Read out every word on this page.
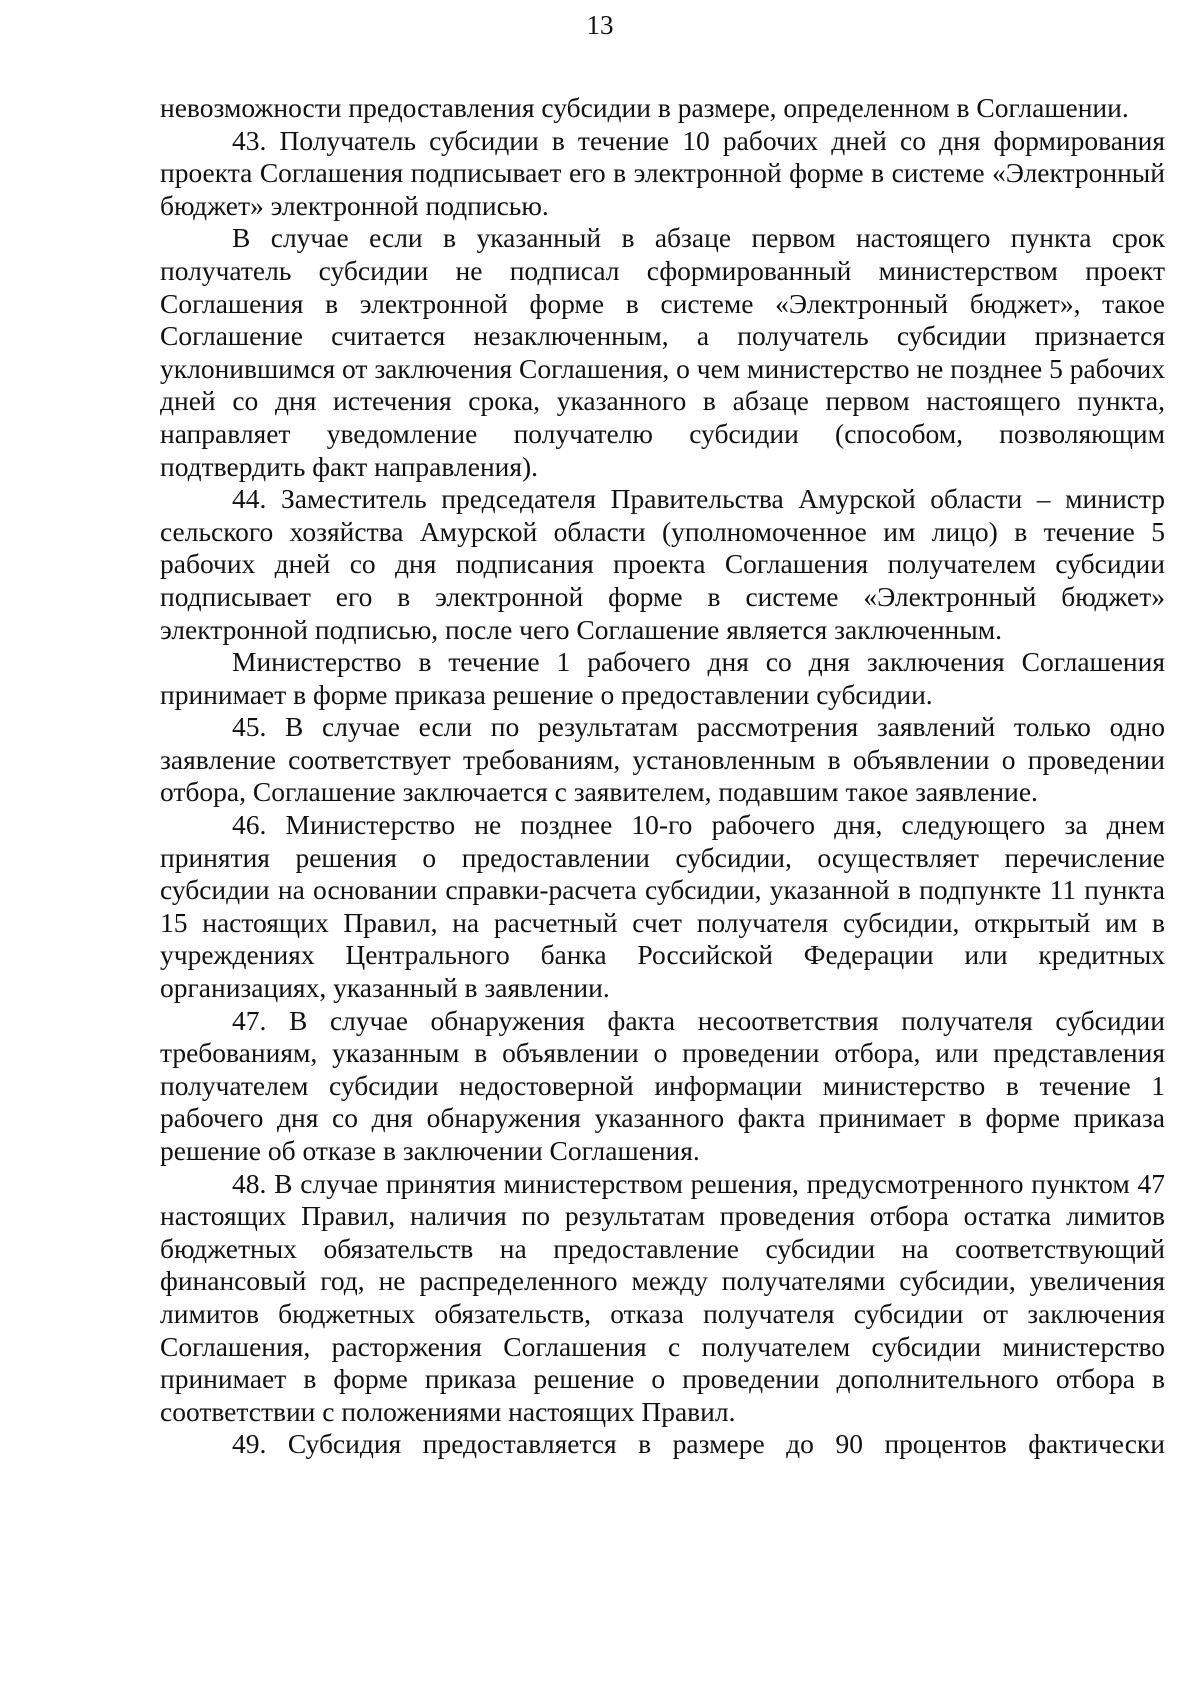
13

невозможности предоставления субсидии в размере, определенном в Соглашении.

43. Получатель субсидии в течение 10 рабочих дней со дня формирования проекта Соглашения подписывает его в электронной форме в системе «Электронный бюджет» электронной подписью.

В случае если в указанный в абзаце первом настоящего пункта срок получатель субсидии не подписал сформированный министерством проект Соглашения в электронной форме в системе «Электронный бюджет», такое Соглашение считается незаключенным, а получатель субсидии признается уклонившимся от заключения Соглашения, о чем министерство не позднее 5 рабочих дней со дня истечения срока, указанного в абзаце первом настоящего пункта, направляет уведомление получателю субсидии (способом, позволяющим подтвердить факт направления).

44. Заместитель председателя Правительства Амурской области – министр сельского хозяйства Амурской области (уполномоченное им лицо) в течение 5 рабочих дней со дня подписания проекта Соглашения получателем субсидии подписывает его в электронной форме в системе «Электронный бюджет» электронной подписью, после чего Соглашение является заключенным.

Министерство в течение 1 рабочего дня со дня заключения Соглашения принимает в форме приказа решение о предоставлении субсидии.

45. В случае если по результатам рассмотрения заявлений только одно заявление соответствует требованиям, установленным в объявлении о проведении отбора, Соглашение заключается с заявителем, подавшим такое заявление.

46. Министерство не позднее 10-го рабочего дня, следующего за днем принятия решения о предоставлении субсидии, осуществляет перечисление субсидии на основании справки-расчета субсидии, указанной в подпункте 11 пункта 15 настоящих Правил, на расчетный счет получателя субсидии, открытый им в учреждениях Центрального банка Российской Федерации или кредитных организациях, указанный в заявлении.

47. В случае обнаружения факта несоответствия получателя субсидии требованиям, указанным в объявлении о проведении отбора, или представления получателем субсидии недостоверной информации министерство в течение 1 рабочего дня со дня обнаружения указанного факта принимает в форме приказа решение об отказе в заключении Соглашения.

48. В случае принятия министерством решения, предусмотренного пунктом 47 настоящих Правил, наличия по результатам проведения отбора остатка лимитов бюджетных обязательств на предоставление субсидии на соответствующий финансовый год, не распределенного между получателями субсидии, увеличения лимитов бюджетных обязательств, отказа получателя субсидии от заключения Соглашения, расторжения Соглашения с получателем субсидии министерство принимает в форме приказа решение о проведении дополнительного отбора в соответствии с положениями настоящих Правил.

49. Субсидия предоставляется в размере до 90 процентов фактически
